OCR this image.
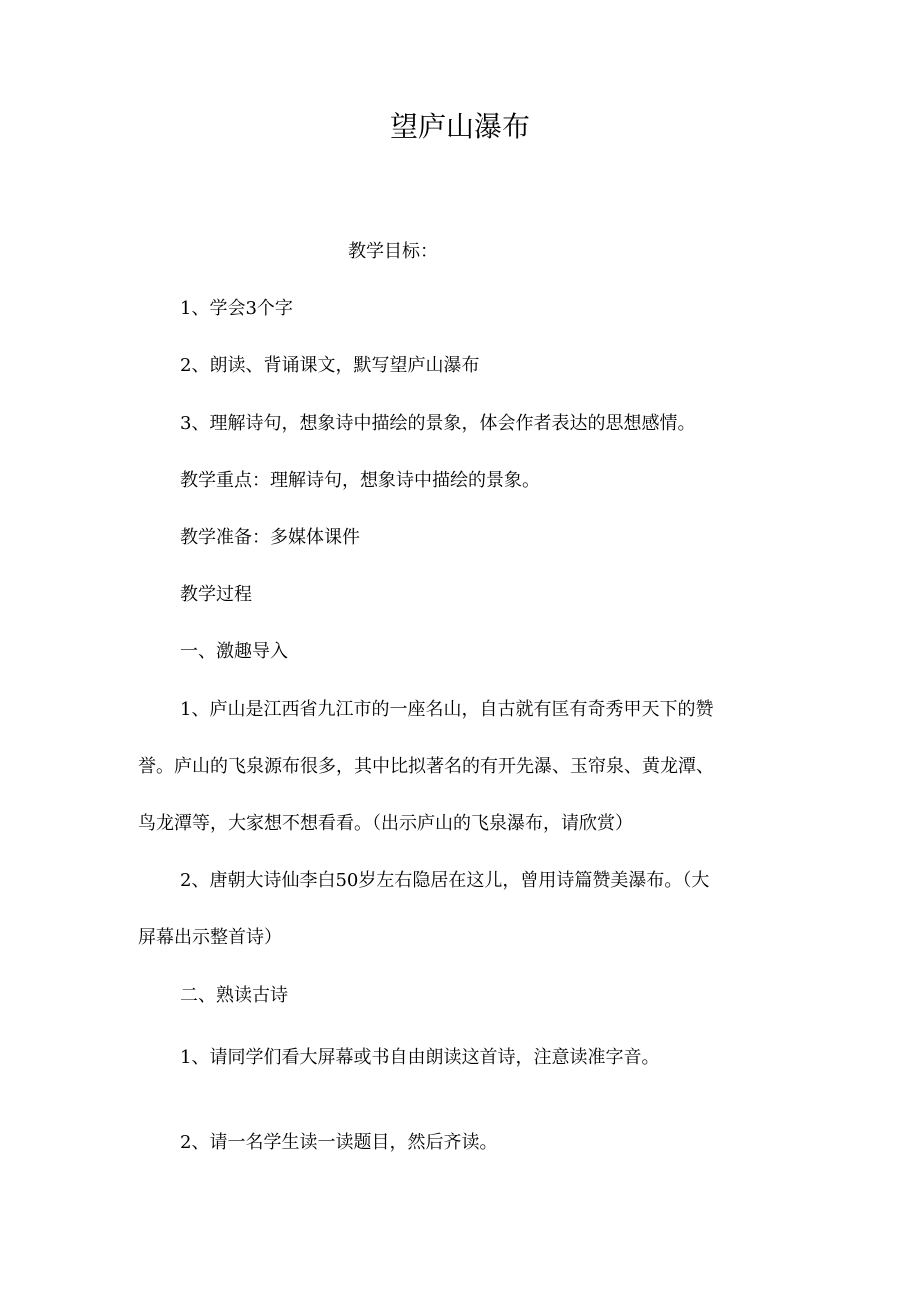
望庐山瀑布
教学目标：
1、学会3个字
2、朗读、背诵课文，默写望庐山瀑布
3、理解诗句，想象诗中描绘的景象，体会作者表达的思想感情。
教学重点：理解诗句，想象诗中描绘的景象。
教学准备：多媒体课件
教学过程
一、激趣导入
1、庐山是江西省九江市的一座名山，自古就有匡有奇秀甲天下的赞
誉。庐山的飞泉源布很多，其中比拟著名的有开先瀑、玉帘泉、黄龙潭、
鸟龙潭等，大家想不想看看。（出示庐山的飞泉瀑布，请欣赏）
2、唐朝大诗仙李白50岁左右隐居在这儿，曾用诗篇赞美瀑布。（大
屏幕出示整首诗）
二、熟读古诗
1、请同学们看大屏幕或书自由朗读这首诗，注意读准字音。
2、请一名学生读一读题目，然后齐读。
